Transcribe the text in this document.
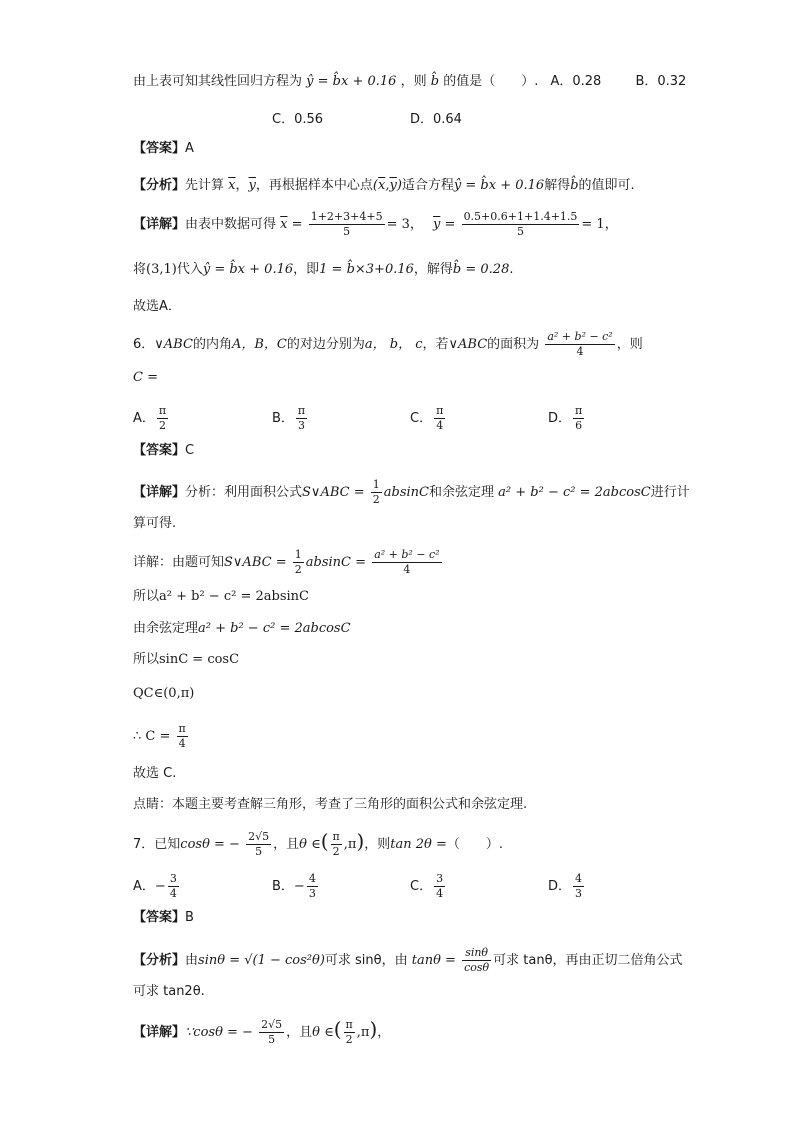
由上表可知其线性回归方程为 ŷ = b̂x + 0.16 ，则 b̂ 的值是（　　）. A．0.28	B．0.32
C．0.56	D．0.64
【答案】A
【分析】先计算 $\overline{x}$，$\overline{y}$，再根据样本中心点$(\overline{x},\overline{y})$适合方程ŷ = b̂x + 0.16解得b̂的值即可.
【详解】由表中数据可得 $\overline{x} = \frac{1+2+3+4+5}{5} = 3$， $\overline{y} = \frac{0.5+0.6+1+1.4+1.5}{5} = 1$，
将(3,1)代入ŷ = b̂x + 0.16，即1 = b̂×3+0.16，解得b̂ = 0.28.
故选A．
6．∨ABC的内角A，B，C的对边分别为a， b， c，若∨ABC的面积为 $\frac{\text{a² + b² − c²}}{4}$ ，则
C =
A． $\frac{\pi}{2}$	B． $\frac{\pi}{3}$	C． $\frac{\pi}{4}$	D． $\frac{\pi}{6}$
【答案】C
【详解】分析：利用面积公式S∨ABC = $\frac{1}{2}$ absinC和余弦定理 a² + b² − c² = 2abcosC进行计
算可得.
详解：由题可知S∨ABC = $\frac{1}{2}$ $absinC = \frac{\text{a² + b² − c²}}{4}$
所以a² + b² − c² = 2absinC
由余弦定理a² + b² − c² = 2abcosC
所以sinC = cosC
QC∈(0,π)
∴ $C = \frac{\pi}{4}$
故选 C.
点睛：本题主要考查解三角形，考查了三角形的面积公式和余弦定理.
7．已知cosθ = − $\frac{2√5}{5}$ ，且θ ∈( $\frac{\pi}{2} ,\pi$)，则tan 2θ =（　　）.
A．− $\frac{3}{4}$	B．− $\frac{4}{3}$	C． $\frac{3}{4}$	D． $\frac{4}{3}$
【答案】B
【分析】由sinθ = √(1 − cos²θ)可求 sinθ，由 $\tan\theta = \frac{\sin\theta}{\cos\theta}$ 可求 tanθ，再由正切二倍角公式
可求 tan2θ.
【详解】∵cosθ = − $\frac{2√5}{5}$ ，且θ ∈( $\frac{\pi}{2} ,\pi$)，
